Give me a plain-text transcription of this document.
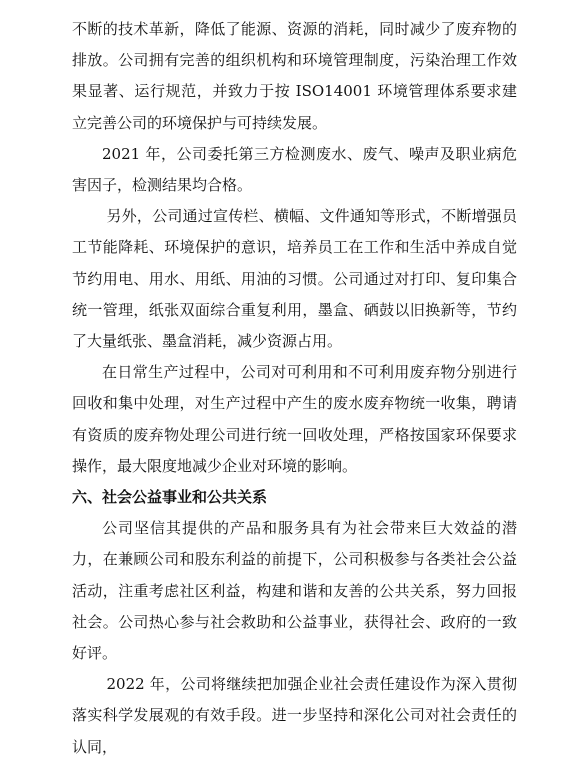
不断的技术革新，降低了能源、资源的消耗，同时减少了废弃物的排放。公司拥有完善的组织机构和环境管理制度，污染治理工作效果显著、运行规范，并致力于按 ISO14001 环境管理体系要求建立完善公司的环境保护与可持续发展。

2021 年，公司委托第三方检测废水、废气、噪声及职业病危害因子，检测结果均合格。

另外，公司通过宣传栏、横幅、文件通知等形式，不断增强员工节能降耗、环境保护的意识，培养员工在工作和生活中养成自觉节约用电、用水、用纸、用油的习惯。公司通过对打印、复印集合统一管理，纸张双面综合重复利用，墨盒、硒鼓以旧换新等，节约了大量纸张、墨盒消耗，减少资源占用。

在日常生产过程中，公司对可利用和不可利用废弃物分别进行回收和集中处理，对生产过程中产生的废水废弃物统一收集，聘请有资质的废弃物处理公司进行统一回收处理，严格按国家环保要求操作，最大限度地减少企业对环境的影响。

六、社会公益事业和公共关系

公司坚信其提供的产品和服务具有为社会带来巨大效益的潜力，在兼顾公司和股东利益的前提下，公司积极参与各类社会公益活动，注重考虑社区利益，构建和谐和友善的公共关系，努力回报社会。公司热心参与社会救助和公益事业，获得社会、政府的一致好评。

2022 年，公司将继续把加强企业社会责任建设作为深入贯彻落实科学发展观的有效手段。进一步坚持和深化公司对社会责任的认同，
